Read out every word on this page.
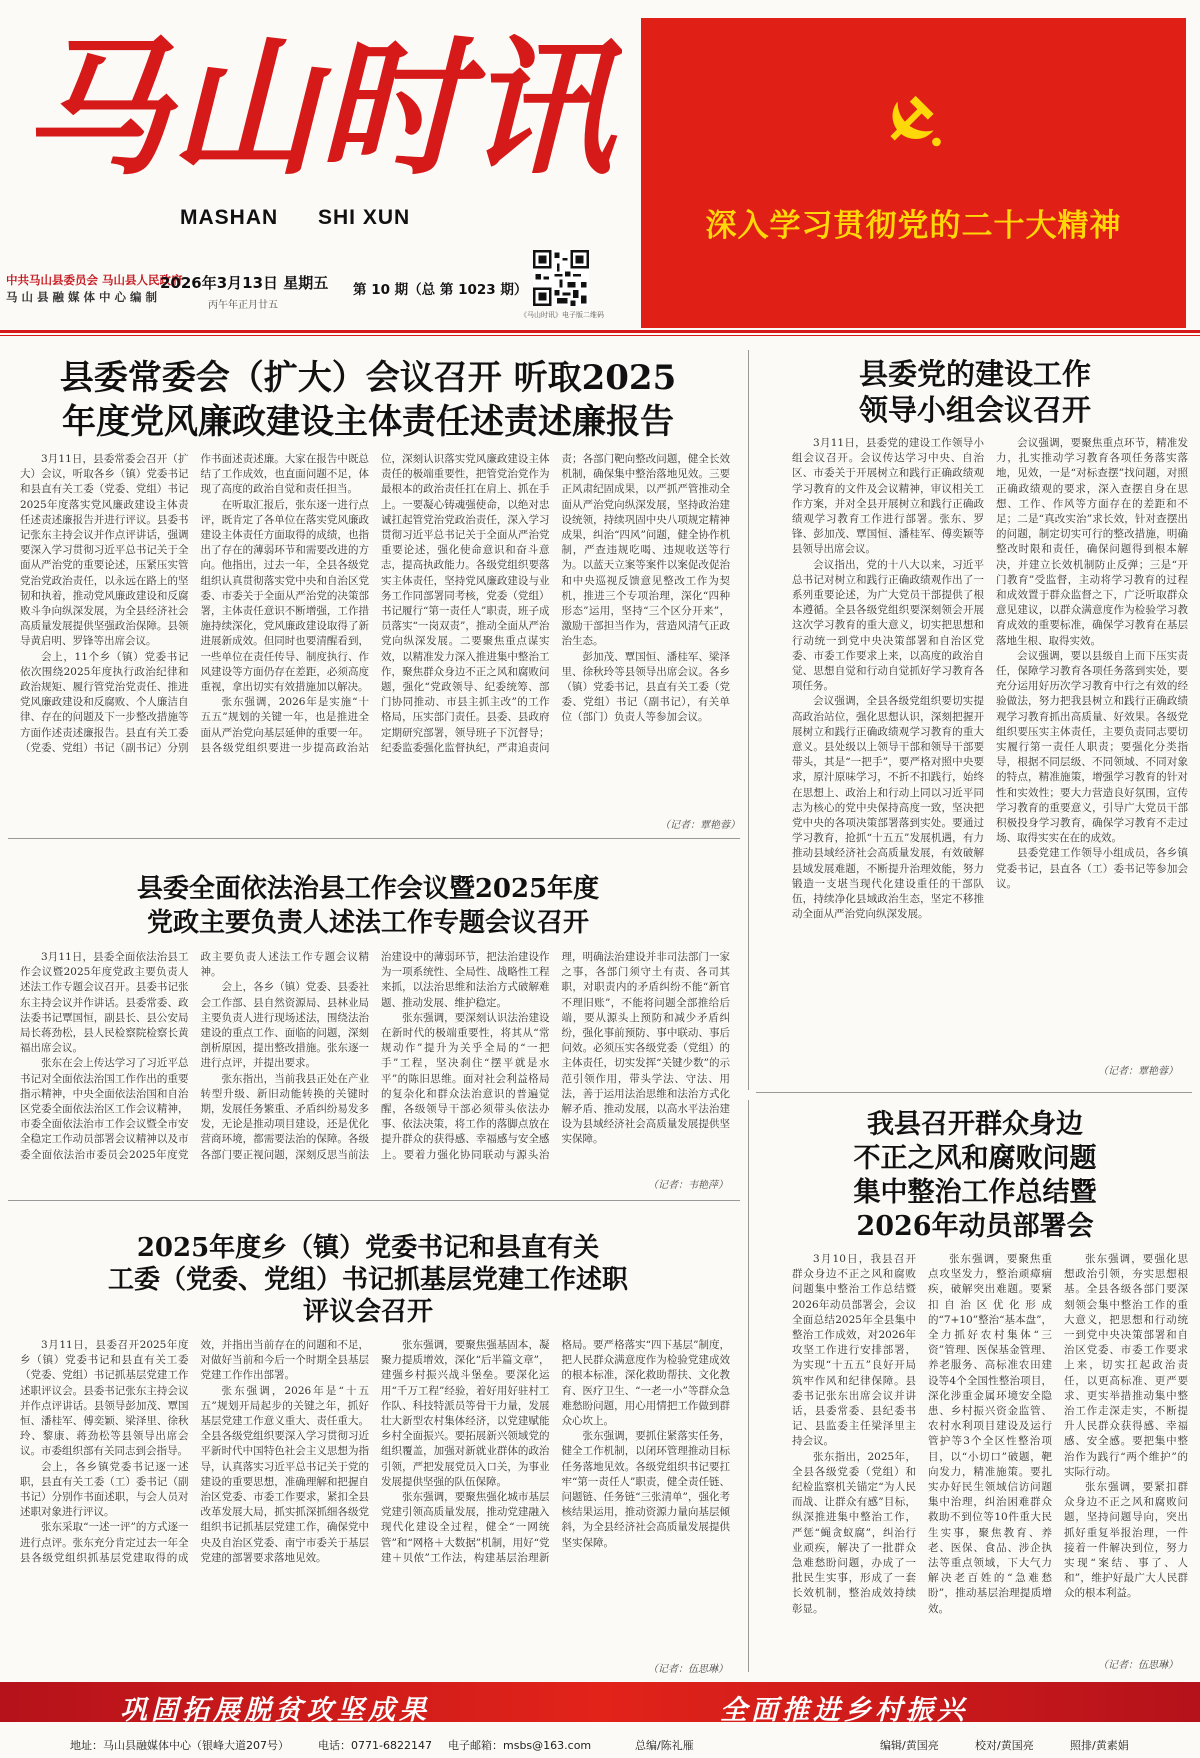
马山时讯
MASHAN SHI XUN	深入学习贯彻党的二十大精神
中共马山县委员会 马山县人民政府
马 山 县 融 媒 体 中 心 编 制
2026年3月13日 星期五
丙午年正月廿五
第 10 期（总 第 1023 期）
《马山时讯》电子版二维码
县委常委会（扩大）会议召开 听取2025
年度党风廉政建设主体责任述责述廉报告

3月11日，县委常委会召开（扩大）会议，听取各乡（镇）党委书记和县直有关工委（党委、党组）书记2025年度落实党风廉政建设主体责任述责述廉报告并进行评议。县委书记张东主持会议并作点评讲话，强调要深入学习贯彻习近平总书记关于全面从严治党的重要论述，压紧压实管党治党政治责任，以永远在路上的坚韧和执着，推动党风廉政建设和反腐败斗争向纵深发展，为全县经济社会高质量发展提供坚强政治保障。县领导黄启明、罗锋等出席会议。

会上，11个乡（镇）党委书记依次围绕2025年度执行政治纪律和政治规矩、履行管党治党责任、推进党风廉政建设和反腐败、个人廉洁自律、存在的问题及下一步整改措施等方面作述责述廉报告。县直有关工委（党委、党组）书记（副书记）分别作书面述责述廉。大家在报告中既总结了工作成效，也直面问题不足，体现了高度的政治自觉和责任担当。

在听取汇报后，张东逐一进行点评，既肯定了各单位在落实党风廉政建设主体责任方面取得的成绩，也指出了存在的薄弱环节和需要改进的方向。他指出，过去一年，全县各级党组织认真贯彻落实党中央和自治区党委、市委关于全面从严治党的决策部署，主体责任意识不断增强，工作措施持续深化，党风廉政建设取得了新进展新成效。但同时也要清醒看到，一些单位在责任传导、制度执行、作风建设等方面仍存在差距，必须高度重视，拿出切实有效措施加以解决。

张东强调，2026年是实施“十五五”规划的关键一年，也是推进全面从严治党向基层延伸的重要一年。县各级党组织要进一步提高政治站位，深刻认识落实党风廉政建设主体责任的极端重要性，把管党治党作为最根本的政治责任扛在肩上、抓在手上。一要凝心铸魂强使命，以绝对忠诚扛起管党治党政治责任，深入学习贯彻习近平总书记关于全面从严治党重要论述，强化使命意识和奋斗意志，提高执政能力。各级党组织要落实主体责任，坚持党风廉政建设与业务工作同部署同考核，党委（党组）书记履行“第一责任人”职责，班子成员落实“一岗双责”，推动全面从严治党向纵深发展。二要聚焦重点谋实效，以精准发力深入推进集中整治工作，聚焦群众身边不正之风和腐败问题，强化“党政领导、纪委统筹、部门协同推动、市县主抓主改”的工作格局，压实部门责任。县委、县政府定期研究部署，领导班子下沉督导；纪委监委强化监督执纪，严肃追责问责；各部门靶向整改问题，健全长效机制，确保集中整治落地见效。三要正风肃纪固成果，以严抓严管推动全面从严治党向纵深发展，坚持政治建设统领，持续巩固中央八项规定精神成果，纠治“四风”问题，健全协作机制，严查违规吃喝、违规收送等行为。以蓝天立案等案件以案促改促治和中央巡视反馈意见整改工作为契机，推进三个专项治理，深化“四种形态”运用，坚持“三个区分开来”，激励干部担当作为，营造风清气正政治生态。

彭加茂、覃国恒、潘桂军、梁泽里、徐秋玲等县领导出席会议。各乡（镇）党委书记，县直有关工委（党委、党组）书记（副书记），有关单位（部门）负责人等参加会议。

（记者：覃艳蓉）
县委党的建设工作
领导小组会议召开

3月11日，县委党的建设工作领导小组会议召开。会议传达学习中央、自治区、市委关于开展树立和践行正确政绩观学习教育的文件及会议精神，审议相关工作方案，并对全县开展树立和践行正确政绩观学习教育工作进行部署。张东、罗锋、彭加茂、覃国恒、潘桂军、傅奕颖等县领导出席会议。

会议指出，党的十八大以来，习近平总书记对树立和践行正确政绩观作出了一系列重要论述，为广大党员干部提供了根本遵循。全县各级党组织要深刻领会开展这次学习教育的重大意义，切实把思想和行动统一到党中央决策部署和自治区党委、市委工作要求上来，以高度的政治自觉、思想自觉和行动自觉抓好学习教育各项任务。

会议强调，全县各级党组织要切实提高政治站位，强化思想认识，深刻把握开展树立和践行正确政绩观学习教育的重大意义。县处级以上领导干部和领导干部要带头，其是“一把手”，要严格对照中央要求，原汁原味学习，不折不扣践行，始终在思想上、政治上和行动上同以习近平同志为核心的党中央保持高度一致，坚决把党中央的各项决策部署落到实处。要通过学习教育，抢抓“十五五”发展机遇，有力推动县域经济社会高质量发展，有效破解县域发展难题，不断提升治理效能，努力锻造一支堪当现代化建设重任的干部队伍，持续净化县域政治生态，坚定不移推动全面从严治党向纵深发展。

会议强调，要聚焦重点环节，精准发力，扎实推动学习教育各项任务落实落地，见效，一是“对标查摆”找问题，对照正确政绩观的要求，深入查摆自身在思想、工作、作风等方面存在的差距和不足；二是“真改实治”求长效，针对查摆出的问题，制定切实可行的整改措施，明确整改时限和责任，确保问题得到根本解决，并建立长效机制防止反弹；三是“开门教育”受监督，主动将学习教育的过程和成效置于群众监督之下，广泛听取群众意见建议，以群众满意度作为检验学习教育成效的重要标准，确保学习教育在基层落地生根、取得实效。

会议强调，要以县级自上而下压实责任，保障学习教育各项任务落到实处，要充分运用好历次学习教育中行之有效的经验做法，努力把我县树立和践行正确政绩观学习教育抓出高质量、好效果。各级党组织要压实主体责任，主要负责同志要切实履行第一责任人职责；要强化分类指导，根据不同层级、不同领域、不同对象的特点，精准施策，增强学习教育的针对性和实效性；要大力营造良好氛围，宣传学习教育的重要意义，引导广大党员干部积极投身学习教育，确保学习教育不走过场、取得实实在在的成效。

县委党建工作领导小组成员，各乡镇党委书记，县直各（工）委书记等参加会议。

（记者：覃艳蓉）
县委全面依法治县工作会议暨2025年度
党政主要负责人述法工作专题会议召开

3月11日，县委全面依法治县工作会议暨2025年度党政主要负责人述法工作专题会议召开。县委书记张东主持会议并作讲话。县委常委、政法委书记覃国恒，副县长、县公安局局长蒋劲松，县人民检察院检察长黄福出席会议。

张东在会上传达学习了习近平总书记对全面依法治国工作作出的重要指示精神，中央全面依法治国和自治区党委全面依法治区工作会议精神，市委全面依法治市工作会议暨全市安全稳定工作动员部署会议精神以及市委全面依法治市委员会2025年度党政主要负责人述法工作专题会议精神。

会上，各乡（镇）党委、县委社会工作部、县自然资源局、县林业局主要负责人进行现场述法，围绕法治建设的重点工作、面临的问题，深刻剖析原因，提出整改措施。张东逐一进行点评，并提出要求。

张东指出，当前我县正处在产业转型升级、新旧动能转换的关键时期，发展任务繁重、矛盾纠纷易发多发，无论是推动项目建设，还是优化营商环境，都需要法治的保障。各级各部门要正视问题，深刻反思当前法治建设中的薄弱环节，把法治建设作为一项系统性、全局性、战略性工程来抓，以法治思维和法治方式破解难题、推动发展、维护稳定。

张东强调，要深刻认识法治建设在新时代的极端重要性，将其从“常规动作”提升为关乎全局的“一把手”工程，坚决刹住“摆平就是水平”的陈旧思维。面对社会利益格局的复杂化和群众法治意识的普遍觉醒，各级领导干部必须带头依法办事、依法决策，将工作的落脚点放在提升群众的获得感、幸福感与安全感上。要着力强化协同联动与源头治理，明确法治建设并非司法部门一家之事，各部门须守土有责、各司其职，对职责内的矛盾纠纷不能“新官不理旧账”，不能将问题全部推给后端，要从源头上预防和减少矛盾纠纷，强化事前预防、事中联动、事后问效。必须压实各级党委（党组）的主体责任，切实发挥“关键少数”的示范引领作用，带头学法、守法、用法，善于运用法治思维和法治方式化解矛盾、推动发展，以高水平法治建设为县域经济社会高质量发展提供坚实保障。

（记者：韦艳萍）
我县召开群众身边
不正之风和腐败问题
集中整治工作总结暨
2026年动员部署会

3月10日，我县召开群众身边不正之风和腐败问题集中整治工作总结暨2026年动员部署会，会议全面总结2025年全县集中整治工作成效，对2026年攻坚工作进行安排部署，为实现“十五五”良好开局筑牢作风和纪律保障。县委书记张东出席会议并讲话，县委常委、县纪委书记、县监委主任梁泽里主持会议。

张东指出，2025年，全县各级党委（党组）和纪检监察机关锚定“为人民而战、让群众有感”目标，纵深推进集中整治工作，严惩“蝇贪蚁腐”，纠治行业顽疾，解决了一批群众急难愁盼问题，办成了一批民生实事，形成了一套长效机制，整治成效持续彰显。

张东强调，要聚焦重点攻坚发力，整治顽瘴痼疾，破解突出难题。要紧扣自治区优化形成的“7+10”整治“基本盘”，全力抓好农村集体“三资”管理、医保基金管理、养老服务、高标准农田建设等4个全国性整治项目，深化涉重金属环境安全隐患、乡村振兴资金监管、农村水利项目建设及运行管护等3个全区性整治项目，以“小切口”破题，靶向发力，精准施策。要扎实办好民生领域信访问题集中治理，纠治困难群众救助不到位等10件重大民生实事，聚焦教育、养老、医保、食品、涉企执法等重点领域，下大气力解决老百姓的“急难愁盼”，推动基层治理提质增效。

张东强调，要强化思想政治引领，夯实思想根基。全县各级各部门要深刻领会集中整治工作的重大意义，把思想和行动统一到党中央决策部署和自治区党委、市委工作要求上来，切实扛起政治责任，以更高标准、更严要求、更实举措推动集中整治工作走深走实，不断提升人民群众获得感、幸福感、安全感。要把集中整治作为践行“两个维护”的实际行动。

张东强调，要紧扣群众身边不正之风和腐败问题，坚持问题导向，突出抓好重复举报治理，一件接着一件解决到位，努力实现“案结、事了、人和”，维护好最广大人民群众的根本利益。

（记者：伍思琳）
2025年度乡（镇）党委书记和县直有关
工委（党委、党组）书记抓基层党建工作述职
评议会召开

3月11日，县委召开2025年度乡（镇）党委书记和县直有关工委（党委、党组）书记抓基层党建工作述职评议会。县委书记张东主持会议并作点评讲话。县领导彭加茂、覃国恒、潘桂军、傅奕颖、梁泽里、徐秋玲、黎康、蒋劲松等县领导出席会议。市委组织部有关同志到会指导。

会上，各乡镇党委书记逐一述职，县直有关工委（工）委书记（副书记）分别作书面述职，与会人员对述职对象进行评议。

张东采取“一述一评”的方式逐一进行点评。张东充分肯定过去一年全县各级党组织抓基层党建取得的成效，并指出当前存在的问题和不足，对做好当前和今后一个时期全县基层党建工作作出部署。

张东强调，2026年是“十五五”规划开局起步的关键之年，抓好基层党建工作意义重大、责任重大。全县各级党组织要深入学习贯彻习近平新时代中国特色社会主义思想为指导，认真落实习近平总书记关于党的建设的重要思想，准确理解和把握自治区党委、市委工作要求，紧扣全县改革发展大局，抓实抓深抓细各级党组织书记抓基层党建工作，确保党中央及自治区党委、南宁市委关于基层党建的部署要求落地见效。

张东强调，要聚焦强基固本，凝聚力提质增效，深化“后半篇文章”，建强乡村振兴战斗堡垒。要深化运用“千万工程”经验，着好用好驻村工作队、科技特派员等骨干力量，发展壮大新型农村集体经济，以党建赋能乡村全面振兴。要拓展新兴领域党的组织覆盖，加强对新就业群体的政治引领，严把发展党员入口关，为事业发展提供坚强的队伍保障。

张东强调，要聚焦强化城市基层党建引领高质量发展，推动党建融入现代化建设全过程，健全“一网统管”和“网格＋大数据”机制，用好“党建＋贝侬”工作法，构建基层治理新格局。要严格落实“四下基层”制度，把人民群众满意度作为检验党建成效的根本标准，深化救助帮扶、文化教育、医疗卫生、“一老一小”等群众急难愁盼问题，用心用情把工作做到群众心坎上。

张东强调，要抓住紧落实任务，健全工作机制，以闭环管理推动目标任务落地见效。各级党组织书记要扛牢“第一责任人”职责，健全责任链、问题链、任务链“三张清单”，强化考核结果运用，推动资源力量向基层倾斜，为全县经济社会高质量发展提供坚实保障。

（记者：伍思琳）
巩固拓展脱贫攻坚成果	全面推进乡村振兴
地址：马山县融媒体中心（银峰大道207号）	电话：0771-6822147 电子邮箱：msbs@163.com	总编/陈礼雁	编辑/黄国亮	校对/黄国亮	照排/黄素娟
